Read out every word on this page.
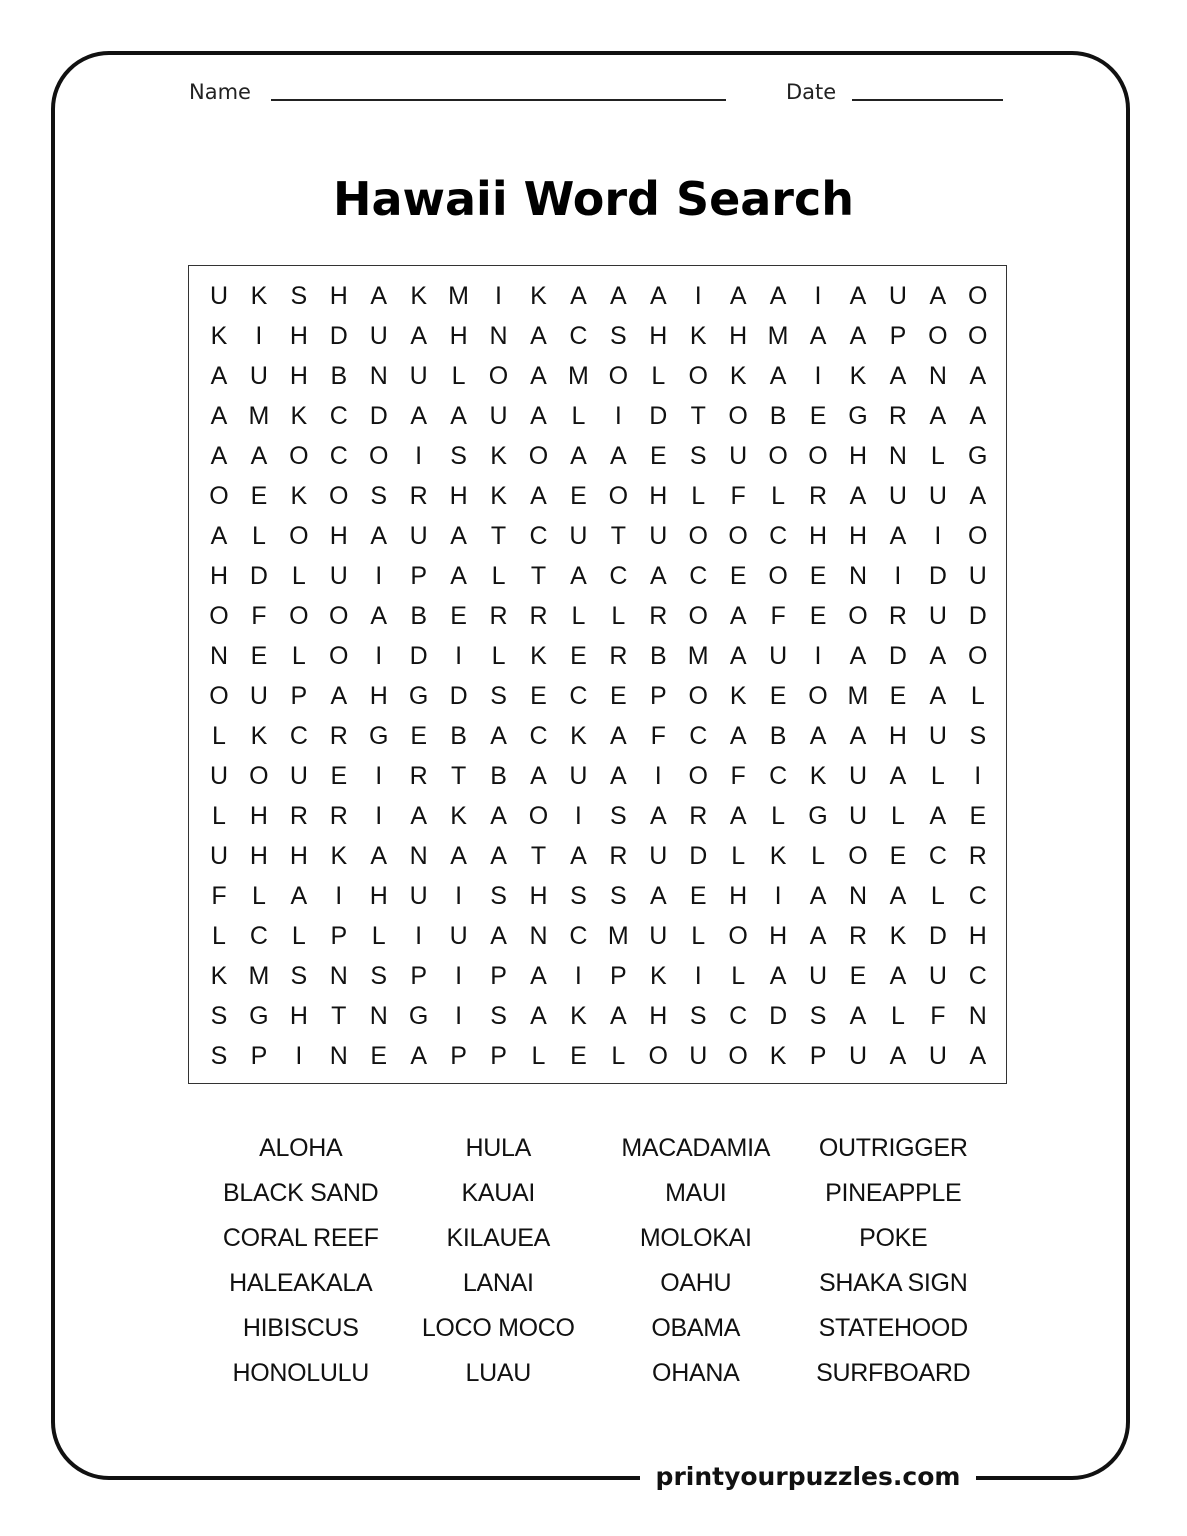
printyourpuzzles.com
Name	Date
Hawaii Word Search
U K S H A K M	I	K A A A	I	A A	I	A U A O
K	I	H D U A H N A C S H K H M A A P O O
A U H B N U L O A M O L O K A	I	K A N A
A M K C D A A U A L	I	D T O B E G R A A
A A O C O	I	S K O A A E S U O O H N L G
O E K O S R H K A E O H L	F	L R A U U A
A L O H A U A T C U T U O O C H H A	I	O
H D L U	I	P A L	T A C A C E O E N	I	D U
O F O O A B E R R L	L R O A F E O R U D
N E L O	I	D	I	L K E R B M A U	I	A D A O
O U P A H G D S E C E P O K E O M E A L
L K C R G E B A C K A F C A B A A H U S
U O U E	I	R T B A U A	I	O F C K U A L	I
L H R R	I	A K A O	I	S A R A L G U L A E
U H H K A N A A T A R U D L K L O E C R
F	L A	I	H U	I	S H S S A E H	I	A N A L C
L C L P L	I	U A N C M U L O H A R K D H
K M S N S P	I	P A	I	P K	I	L A U E A U C
S G H T N G	I	S A K A H S C D S A L	F N
S P	I	N E A P P L E L O U O K P U A U A
ALOHA	HULA	MACADAMIA	OUTRIGGER
BLACK SAND	KAUAI	MAUI	PINEAPPLE
CORAL REEF	KILAUEA	MOLOKAI	POKE
HALEAKALA	LANAI	OAHU	SHAKA SIGN
HIBISCUS	LOCO MOCO	OBAMA	STATEHOOD
HONOLULU	LUAU	OHANA	SURFBOARD
